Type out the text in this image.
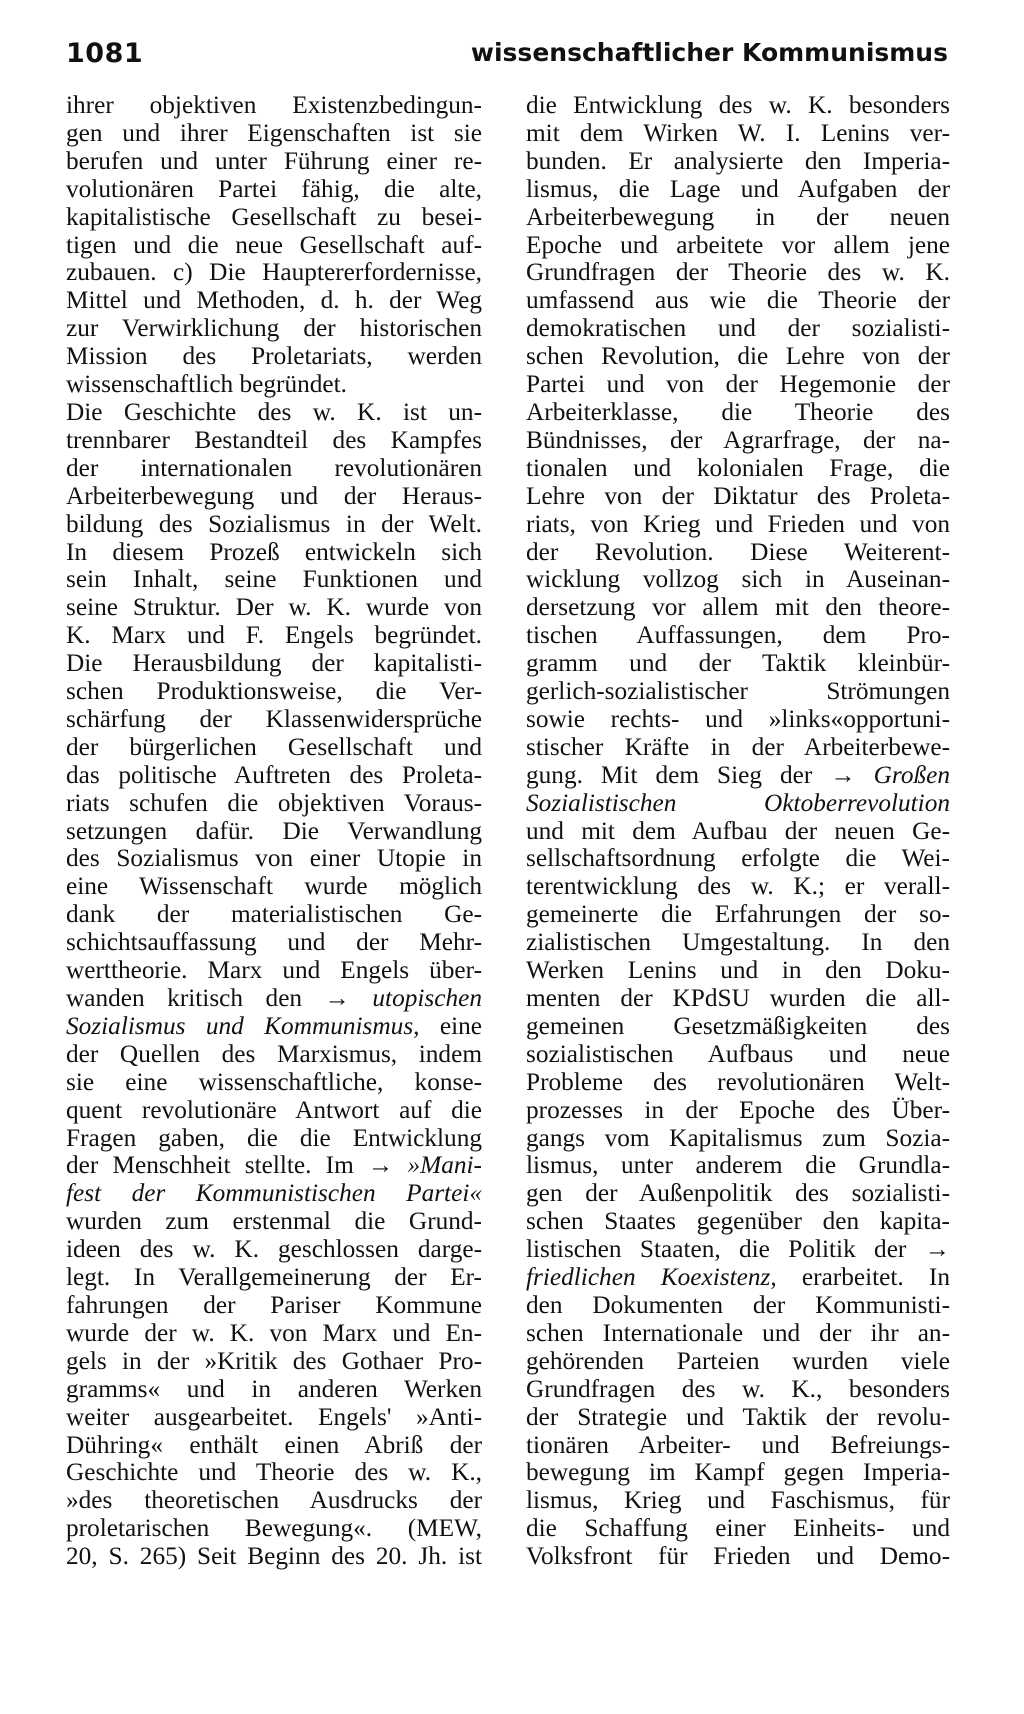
1081	wissenschaftlicher Kommunismus
ihrer objektiven Existenzbedingun-
gen und ihrer Eigenschaften ist sie
berufen und unter Führung einer re-
volutionären Partei fähig, die alte,
kapitalistische Gesellschaft zu besei-
tigen und die neue Gesellschaft auf-
zubauen. c) Die Hauptererfordernisse,
Mittel und Methoden, d. h. der Weg
zur Verwirklichung der historischen
Mission des Proletariats, werden
wissenschaftlich begründet.
Die Geschichte des w. K. ist un-
trennbarer Bestandteil des Kampfes
der internationalen revolutionären
Arbeiterbewegung und der Heraus-
bildung des Sozialismus in der Welt.
In diesem Prozeß entwickeln sich
sein Inhalt, seine Funktionen und
seine Struktur. Der w. K. wurde von
K. Marx und F. Engels begründet.
Die Herausbildung der kapitalisti-
schen Produktionsweise, die Ver-
schärfung der Klassenwidersprüche
der bürgerlichen Gesellschaft und
das politische Auftreten des Proleta-
riats schufen die objektiven Voraus-
setzungen dafür. Die Verwandlung
des Sozialismus von einer Utopie in
eine Wissenschaft wurde möglich
dank der materialistischen Ge-
schichtsauffassung und der Mehr-
werttheorie. Marx und Engels über-
wanden kritisch den → utopischen
Sozialismus und Kommunismus, eine
der Quellen des Marxismus, indem
sie eine wissenschaftliche, konse-
quent revolutionäre Antwort auf die
Fragen gaben, die die Entwicklung
der Menschheit stellte. Im → »Mani-
fest der Kommunistischen Partei«
wurden zum erstenmal die Grund-
ideen des w. K. geschlossen darge-
legt. In Verallgemeinerung der Er-
fahrungen der Pariser Kommune
wurde der w. K. von Marx und En-
gels in der »Kritik des Gothaer Pro-
gramms« und in anderen Werken
weiter ausgearbeitet. Engels' »Anti-
Dühring« enthält einen Abriß der
Geschichte und Theorie des w. K.,
»des theoretischen Ausdrucks der
proletarischen Bewegung«. (MEW,
20, S. 265) Seit Beginn des 20. Jh. ist
die Entwicklung des w. K. besonders
mit dem Wirken W. I. Lenins ver-
bunden. Er analysierte den Imperia-
lismus, die Lage und Aufgaben der
Arbeiterbewegung in der neuen
Epoche und arbeitete vor allem jene
Grundfragen der Theorie des w. K.
umfassend aus wie die Theorie der
demokratischen und der sozialisti-
schen Revolution, die Lehre von der
Partei und von der Hegemonie der
Arbeiterklasse, die Theorie des
Bündnisses, der Agrarfrage, der na-
tionalen und kolonialen Frage, die
Lehre von der Diktatur des Proleta-
riats, von Krieg und Frieden und von
der Revolution. Diese Weiterent-
wicklung vollzog sich in Auseinan-
dersetzung vor allem mit den theore-
tischen Auffassungen, dem Pro-
gramm und der Taktik kleinbür-
gerlich-sozialistischer Strömungen
sowie rechts- und »links«opportuni-
stischer Kräfte in der Arbeiterbewe-
gung. Mit dem Sieg der → Großen
Sozialistischen Oktoberrevolution
und mit dem Aufbau der neuen Ge-
sellschaftsordnung erfolgte die Wei-
terentwicklung des w. K.; er verall-
gemeinerte die Erfahrungen der so-
zialistischen Umgestaltung. In den
Werken Lenins und in den Doku-
menten der KPdSU wurden die all-
gemeinen Gesetzmäßigkeiten des
sozialistischen Aufbaus und neue
Probleme des revolutionären Welt-
prozesses in der Epoche des Über-
gangs vom Kapitalismus zum Sozia-
lismus, unter anderem die Grundla-
gen der Außenpolitik des sozialisti-
schen Staates gegenüber den kapita-
listischen Staaten, die Politik der →
friedlichen Koexistenz, erarbeitet. In
den Dokumenten der Kommunisti-
schen Internationale und der ihr an-
gehörenden Parteien wurden viele
Grundfragen des w. K., besonders
der Strategie und Taktik der revolu-
tionären Arbeiter- und Befreiungs-
bewegung im Kampf gegen Imperia-
lismus, Krieg und Faschismus, für
die Schaffung einer Einheits- und
Volksfront für Frieden und Demo-
